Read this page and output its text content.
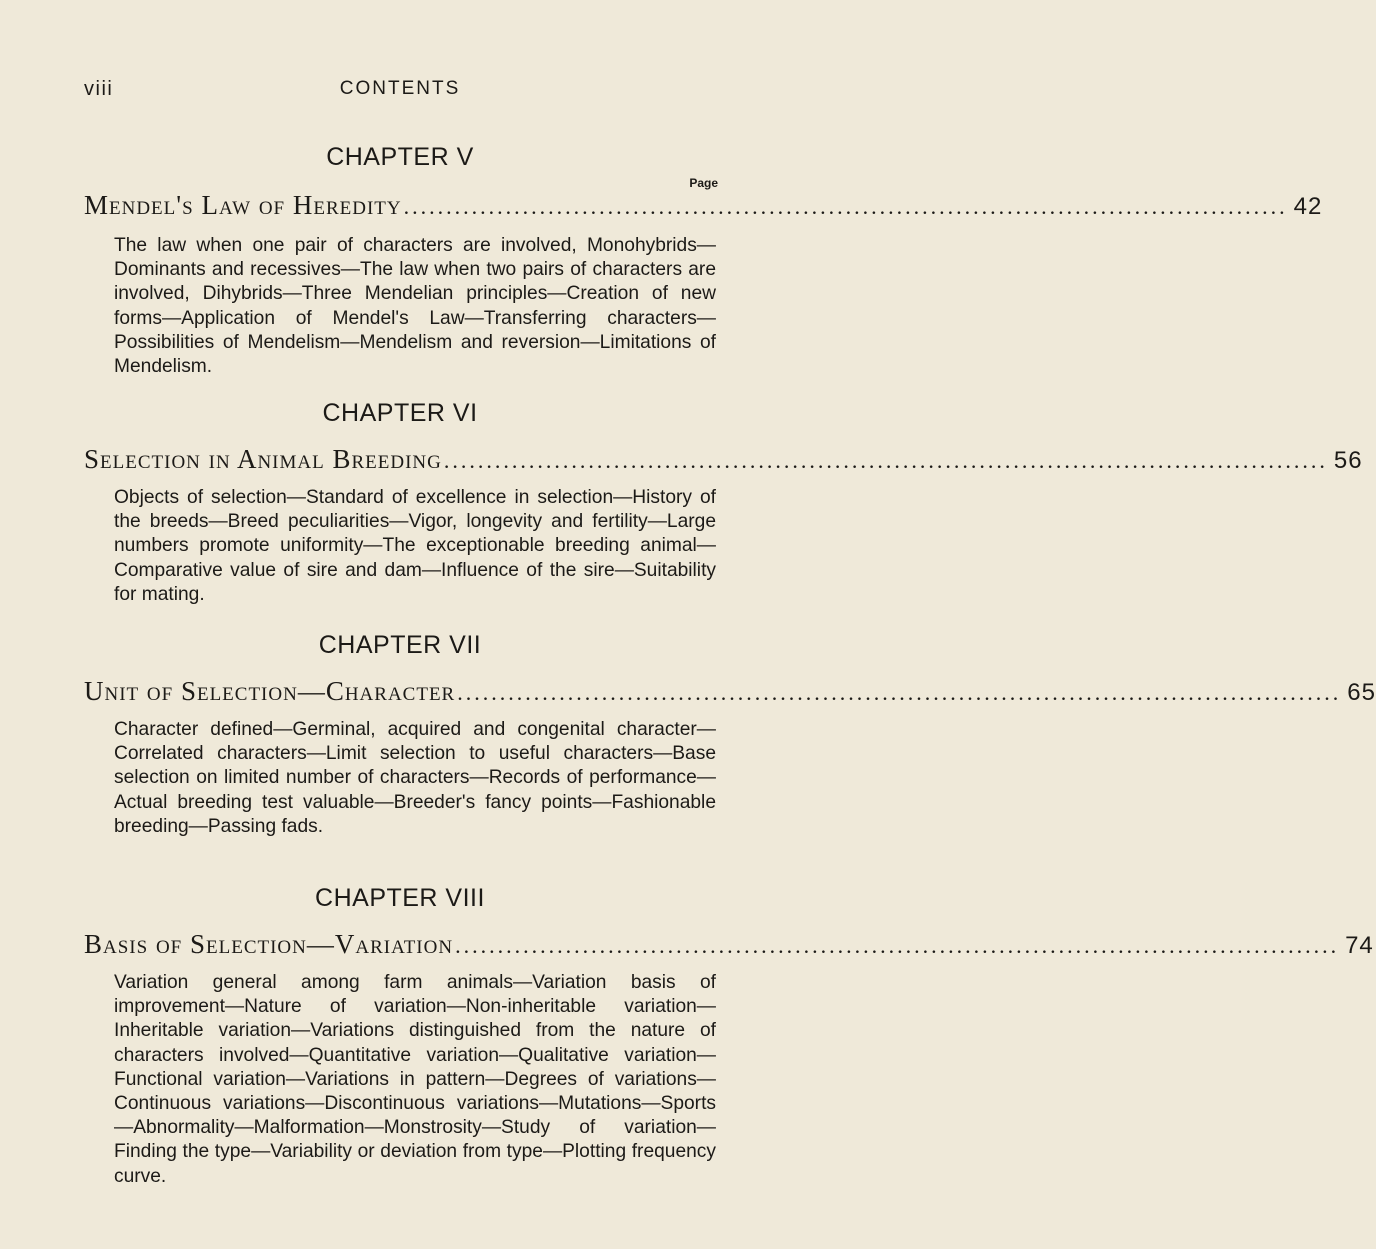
viii	CONTENTS
CHAPTER V
Page
Mendel's Law of Heredity ........................................................................................................ 42
The law when one pair of characters are involved, Monohybrids—Dominants and recessives—The law when two pairs of characters are involved, Dihybrids—Three Mendelian principles—Creation of new forms—Application of Mendel's Law—Transferring characters—Possibilities of Mendelism—Mendelism and reversion—Limitations of Mendelism.
CHAPTER VI
Selection in Animal Breeding ........................................................................................................ 56
Objects of selection—Standard of excellence in selection—History of the breeds—Breed peculiarities—Vigor, longevity and fertility—Large numbers promote uniformity—The exceptionable breeding animal—Comparative value of sire and dam—Influence of the sire—Suitability for mating.
CHAPTER VII
Unit of Selection—Character ........................................................................................................ 65
Character defined—Germinal, acquired and congenital character—Correlated characters—Limit selection to useful characters—Base selection on limited number of characters—Records of performance—Actual breeding test valuable—Breeder's fancy points—Fashionable breeding—Passing fads.
CHAPTER VIII
Basis of Selection—Variation ........................................................................................................ 74
Variation general among farm animals—Variation basis of improvement—Nature of variation—Non-inheritable variation—Inheritable variation—Variations distinguished from the nature of characters involved—Quantitative variation—Qualitative variation—Functional variation—Variations in pattern—Degrees of variations—Continuous variations—Discontinuous variations—Mutations—Sports—Abnormality—Malformation—Monstrosity—Study of variation—Finding the type—Variability or deviation from type—Plotting frequency curve.
